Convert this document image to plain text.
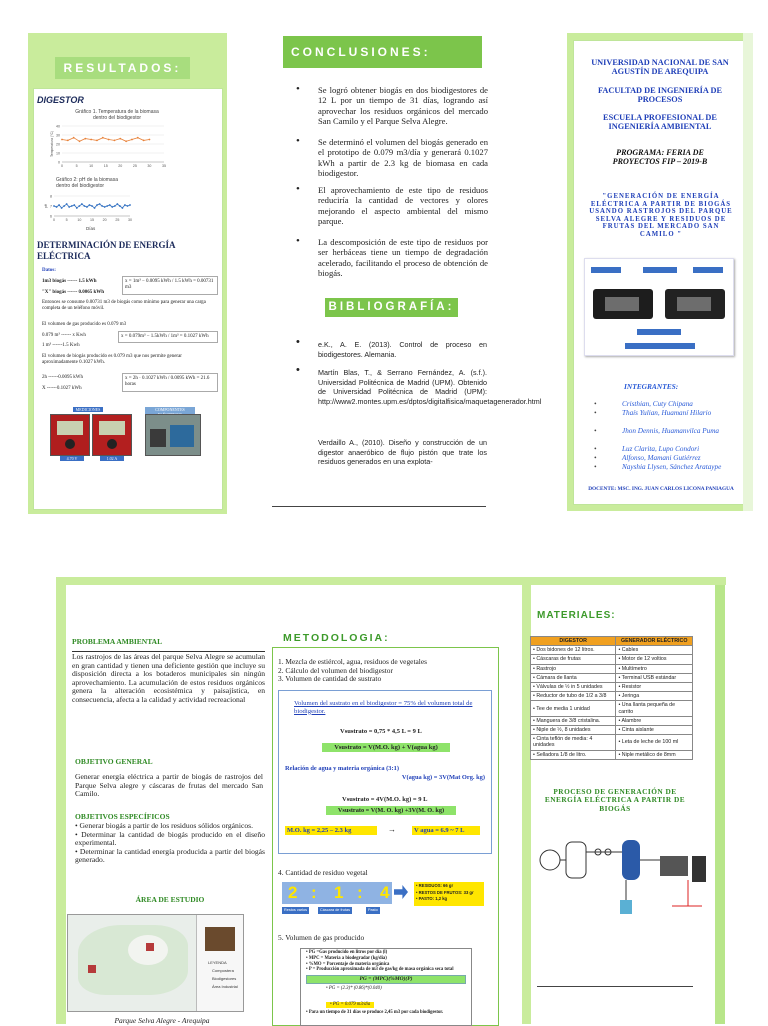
RESULTADOS:
DIGESTOR
Gráfico 1. Temperatura de la biomasa dentro del biodigestor
0
10
20
30
40
0	5	10	15	20	25	30	35
Temperatura (°C)
Gráfico 2: pH de la biomasa dentro del biodigestor
6
7
8
0	5	10 15 20 25 30
pH
Días
DETERMINACIÓN DE ENERGÍA ELÉCTRICA
Datos:
1m3 biogás ------ 1.5 kWh
"X" biogás ------ 0.0065 kWh
x = 1m³ − 0.0095 kWh / 1.5 kWh = 0.00731 m3
Entonces se consume 0.00731 m3 de biogás como mínimo para generar una carga completa de un teléfono móvil.
El volumen de gas producido es 0.079 m3
0.079 m³ ------ x Kwh
1 m³ ------1.5 Kwh
x = 0.079m³ − 1.5kWh / 1m³ = 0.1027 kWh
El volumen de biogás producido es 0.079 m3 que nos permite generar aproximadamente 0.1027 kWh.
2h ------0.0095 kWh
X ------0.1027 kWh
x = 2h · 0.1027 kWh / 0.0095 kWh = 21.6 horas
MEDICIONES	COMPONENTES
4.70 V	1.02 A
CONCLUSIONES:
BIBLIOGRAFÍA:
UNIVERSIDAD NACIONAL DE SAN AGUSTÍN DE AREQUIPA
FACULTAD DE INGENIERÍA DE PROCESOS
ESCUELA PROFESIONAL DE INGENIERÍA AMBIENTAL
PROGRAMA: FERIA DE PROYECTOS FIP – 2019-B
"GENERACIÓN DE ENERGÍA ELÉCTRICA A PARTIR DE BIOGÁS USANDO RASTROJOS DEL PARQUE SELVA ALEGRE Y RESIDUOS DE FRUTAS DEL MERCADO SAN CAMILO "
INTEGRANTES:
• Cristhian, Cuty Chipana
• Thaís Yulian, Huamaní Hilario
• Jhon Dennis, Huamanvilca Puma
• Luz Clarita, Lupo Condori
• Alfonso, Mamani Gutiérrez
• Nayshia Llysen, Sánchez Arataype
DOCENTE: MSC. ING. JUAN CARLOS LICONA PANIAGUA
PROBLEMA AMBIENTAL
Los rastrojos de las áreas del parque Selva Alegre se acumulan en gran cantidad y tienen una deficiente gestión que incluye su disposición directa a los botaderos municipales sin ningún aprovechamiento. La acumulación de estos residuos orgánicos genera la alteración ecosistémica y paisajística, en consecuencia, afecta a la calidad y actividad recreacional
OBJETIVO GENERAL
Generar energía eléctrica a partir de biogás de rastrojos del Parque Selva alegre y cáscaras de frutas del mercado San Camilo.
OBJETIVOS ESPECÍFICOS
• Generar biogás a partir de los residuos sólidos orgánicos.
• Determinar la cantidad de biogás producido en el diseño experimental.
• Determinar la cantidad energía producida a partir del biogás generado.
ÁREA DE ESTUDIO
LEYENDA
Compostera
Biodigestores
Área Industrial
Parque Selva Alegre - Arequipa
METODOLOGIA:
1. Mezcla de estiércol, agua, residuos de vegetales
2. Cálculo del volumen del biodigestor
3. Volumen de cantidad de sustrato
Volumen del sustrato en el biodigestor = 75% del volumen total de biodigestor.
Vsustrato = 0,75 * 4,5 L = 9 L
Vsustrato = V(M.O. kg) + V(agua kg)
Relación de agua y materia orgánica (3:1)
V(agua kg) = 3V(Mat Org. kg)
Vsustrato = 4V(M.O. kg) = 9 L
Vsustrato = V(M. O. kg) +3V(M. O. kg)
M.O. kg = 2,25 – 2.3 kg	→	V agua = 6.9 ~ 7 L
4. Cantidad de residuo vegetal
2 : 1 : 4
Restos varios	Cáscara de frutas	Pasto
• RESIDUOS: 66 gr
• RESTOS DE FRUTOS: 33 gr
• PASTO: 1,2 kg
5. Volumen de gas producido
• PG =Gas producido en litros por día (l)
• MPC = Materia a biodegradar (kg/día)
• %MO = Porcentaje de materia orgánica
• P = Producción aproximada de m3 de gas/kg de masa orgánica seca total
PG = (MPC)(%MO)(P)
• PG = (2.3)* (0.86)*(0.040)
• PG = 0.079 m3/día
• Para un tiempo de 31 días se produce 2,45 m3 por cada biodigestor.
MATERIALES:
DIGESTOR	GENERADOR ELÉCTRICO
• Dos bidones de 12 litros.	• Cables
• Cáscaras de frutas	• Motor de 12 voltios
• Rastrojo	• Multímetro
• Cámara de llanta	• Terminal USB estándar
• Válvulas de ½ in 5 unidades	• Resistor
• Reductor de tubo de 1/2 a 3/8	• Jeringa
• Tee de media 1 unidad	• Una llanta pequeña de carrito
• Manguera de 3/8 cristalina.	• Alambre
• Niple de ½, 8 unidades	• Cinta aislante
• Cinta teflón de media: 4 unidades	• Leta de leche de 100 ml
• Selladora 1/8 de litro.	• Niple metálico de 8mm
PROCESO DE GENERACIÓN DE ENERGÍA ELÉCTRICA A PARTIR DE BIOGÁS
• Se logró obtener biogás en dos biodigestores de 12 L por un tiempo de 31 días, logrando así aprovechar los residuos orgánicos del mercado San Camilo y el Parque Selva Alegre.
• Se determinó el volumen del biogás generado en el prototipo de 0.079 m3/día y generará 0.1027 kWh a partir de 2.3 kg de biomasa en cada biodigestor.
• El aprovechamiento de este tipo de residuos reduciría la cantidad de vectores y olores mejorando el aspecto ambiental del mismo parque.
• La descomposición de este tipo de residuos por ser herbáceas tiene un tiempo de degradación acelerado, facilitando el proceso de obtención de biogás.
• e.K., A. E. (2013). Control de proceso en biodigestores. Alemania.
• Martín Blas, T., & Serrano Fernández, A. (s.f.). Universidad Politécnica de Madrid (UPM). Obtenido de Universidad Politécnica de Madrid (UPM): http://www2.montes.upm.es/dptos/digitalfisica/maquetagenerador.html
• Verdaillo A., (2010). Diseño y construcción de un digestor anaeróbico de flujo pistón que trate los residuos generados en una explota-
